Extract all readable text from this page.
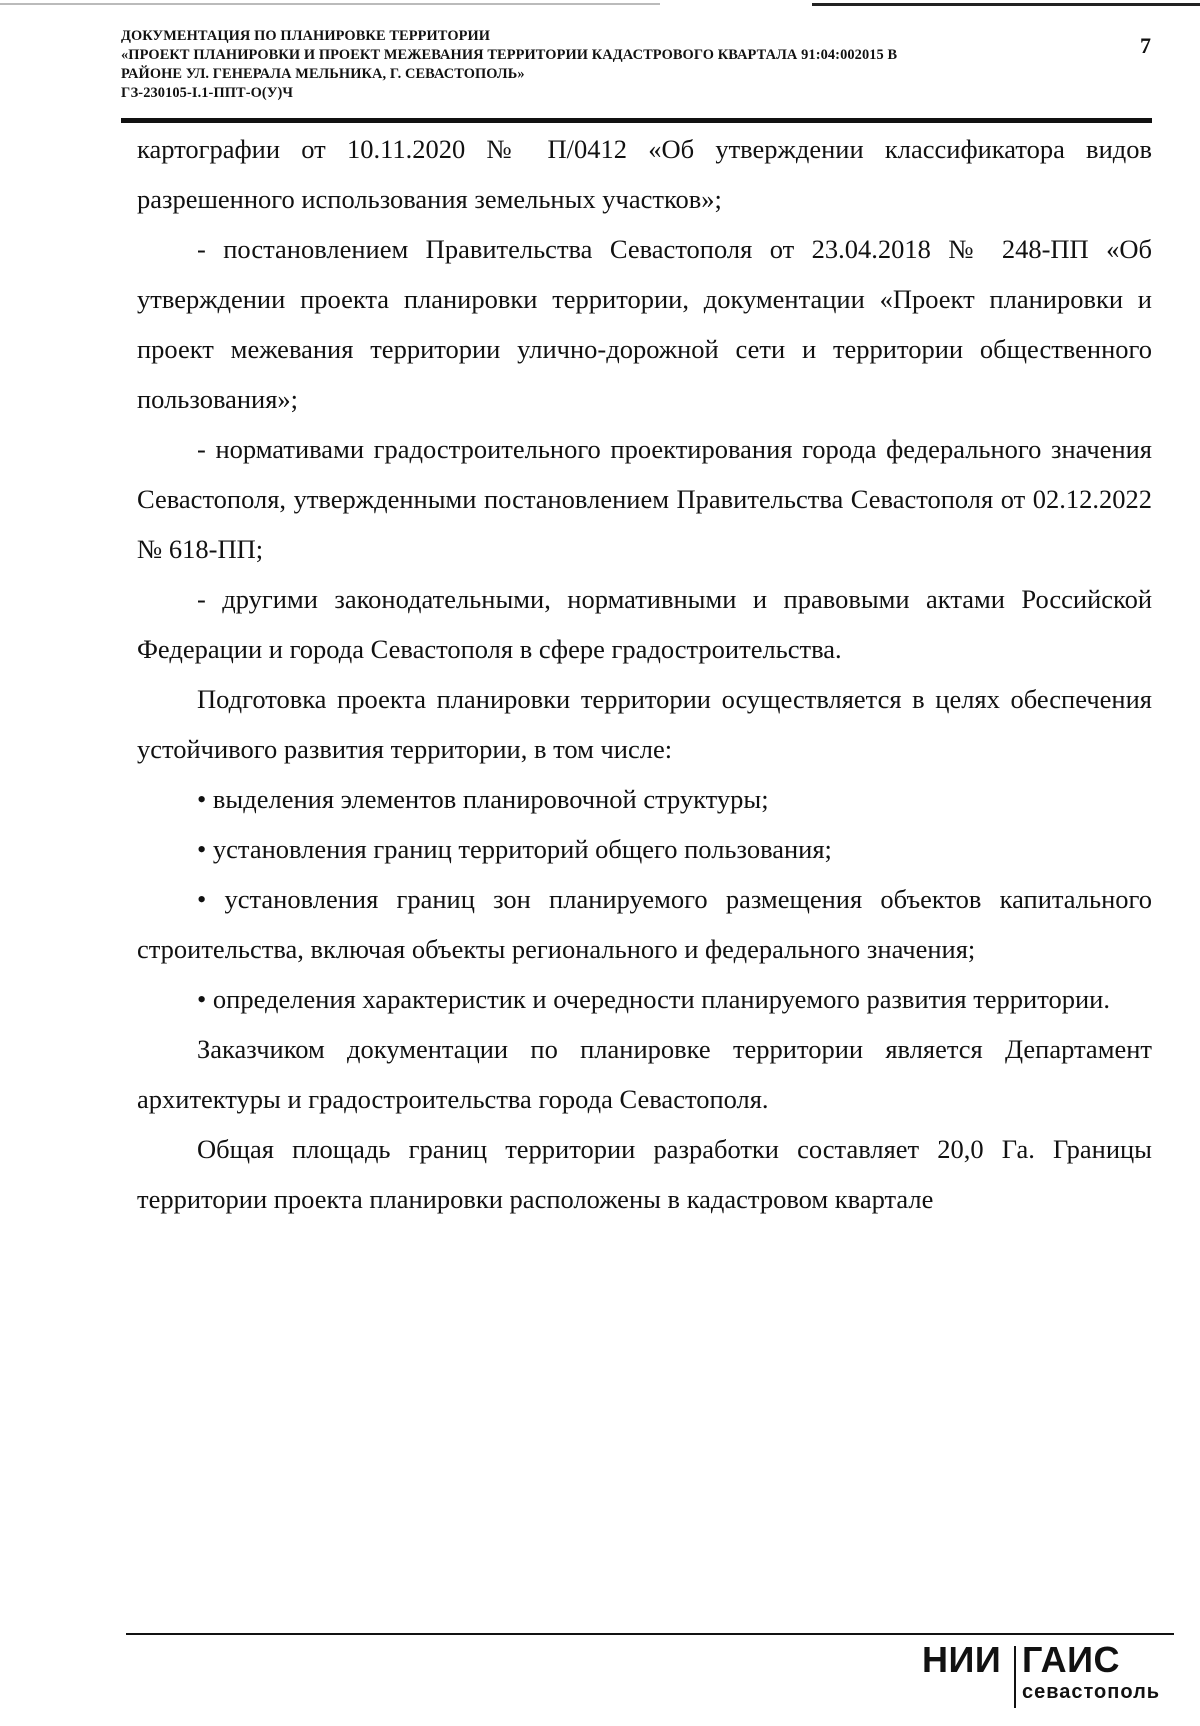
ДОКУМЕНТАЦИЯ ПО ПЛАНИРОВКЕ ТЕРРИТОРИИ
«ПРОЕКТ ПЛАНИРОВКИ И ПРОЕКТ МЕЖЕВАНИЯ ТЕРРИТОРИИ КАДАСТРОВОГО КВАРТАЛА 91:04:002015 В
РАЙОНЕ УЛ. ГЕНЕРАЛА МЕЛЬНИКА, Г. СЕВАСТОПОЛЬ»
ГЗ-230105-I.1-ППТ-О(У)Ч
7

картографии от 10.11.2020 № П/0412 «Об утверждении классификатора видов разрешенного использования земельных участков»;

- постановлением Правительства Севастополя от 23.04.2018 № 248-ПП «Об утверждении проекта планировки территории, документации «Проект планировки и проект межевания территории улично-дорожной сети и территории общественного пользования»;

- нормативами градостроительного проектирования города федерального значения Севастополя, утвержденными постановлением Правительства Севастополя от 02.12.2022 № 618-ПП;

- другими законодательными, нормативными и правовыми актами Российской Федерации и города Севастополя в сфере градостроительства.

Подготовка проекта планировки территории осуществляется в целях обеспечения устойчивого развития территории, в том числе:

• выделения элементов планировочной структуры;

• установления границ территорий общего пользования;

• установления границ зон планируемого размещения объектов капитального строительства, включая объекты регионального и федерального значения;

• определения характеристик и очередности планируемого развития территории.

Заказчиком документации по планировке территории является Департамент архитектуры и градостроительства города Севастополя.

Общая площадь границ территории разработки составляет 20,0 Га. Границы территории проекта планировки расположены в кадастровом квартале

НИИ ГАИС
севастополь
